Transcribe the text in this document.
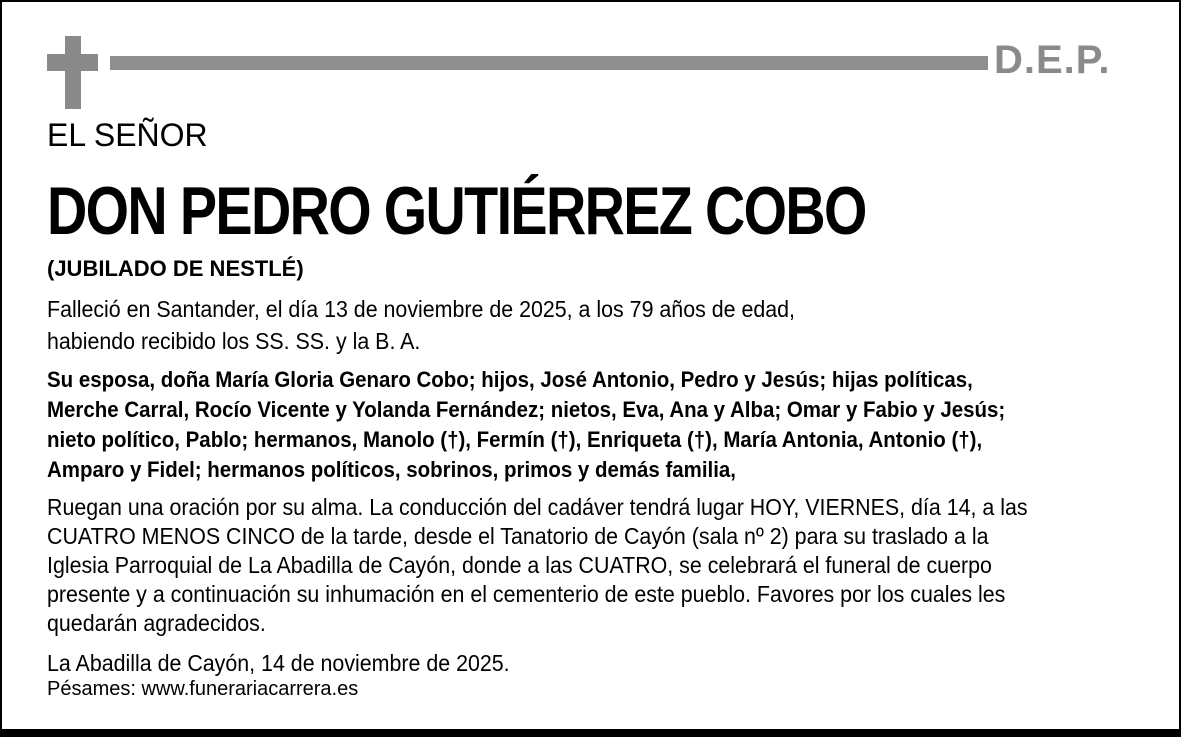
D.E.P.
EL SEÑOR
DON PEDRO GUTIÉRREZ COBO
(JUBILADO DE NESTLÉ)
Falleció en Santander, el día 13 de noviembre de 2025, a los 79 años de edad,
habiendo recibido los SS. SS. y la B. A.
Su esposa, doña María Gloria Genaro Cobo; hijos, José Antonio, Pedro y Jesús; hijas políticas,
Merche Carral, Rocío Vicente y Yolanda Fernández; nietos, Eva, Ana y Alba; Omar y Fabio y Jesús;
nieto político, Pablo; hermanos, Manolo (†), Fermín (†), Enriqueta (†), María Antonia, Antonio (†),
Amparo y Fidel; hermanos políticos, sobrinos, primos y demás familia,
Ruegan una oración por su alma. La conducción del cadáver tendrá lugar HOY, VIERNES, día 14, a las
CUATRO MENOS CINCO de la tarde, desde el Tanatorio de Cayón (sala nº 2) para su traslado a la
Iglesia Parroquial de La Abadilla de Cayón, donde a las CUATRO, se celebrará el funeral de cuerpo
presente y a continuación su inhumación en el cementerio de este pueblo. Favores por los cuales les
quedarán agradecidos.
La Abadilla de Cayón, 14 de noviembre de 2025.
Pésames: www.funerariacarrera.es
